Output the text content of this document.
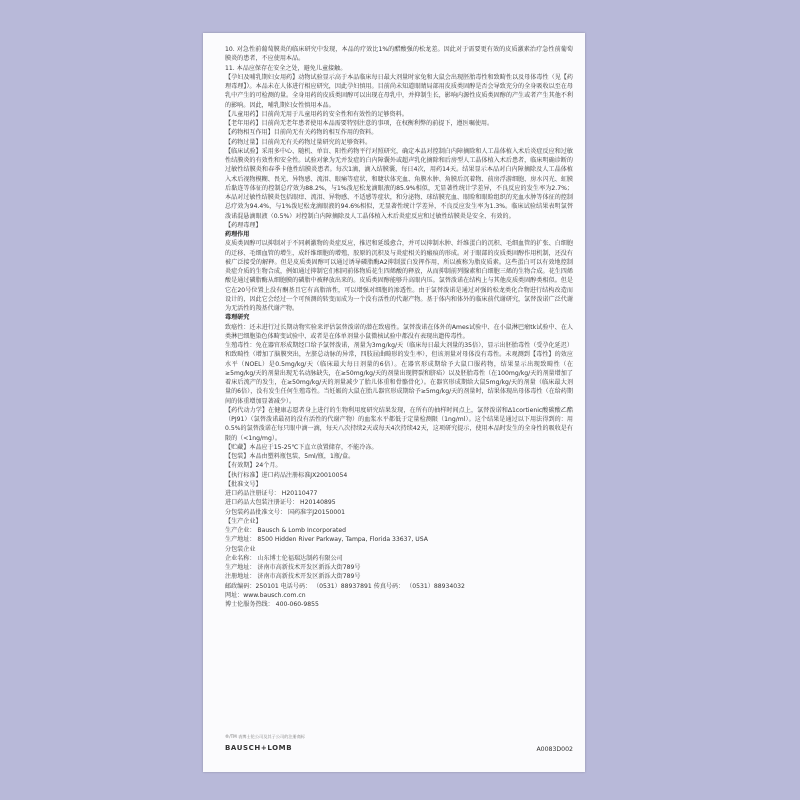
10. 对急性前葡萄膜炎的临床研究中发现，本品的疗效比1%的醋酸强的松龙差。因此对于需要更有效的皮质激素治疗急性前葡萄膜炎的患者，不应使用本品。
11. 本品应保存在安全之处，避免儿童接触。
【孕妇及哺乳期妇女用药】动物试验显示高于本品临床每日最大剂量时家兔和大鼠会出现胚胎毒性和致畸性以及母体毒性（见【药理毒理】）。本品未在人体进行相应研究，因此孕妇慎用。目前尚未知道眼睛局部用皮质类固醇是否会导致充分的全身吸收以至在母乳中产生的可检测的量。全身用药的皮质类固醇可以出现在母乳中，并抑制生长，影响内源性皮质类固醇的产生或者产生其他不利的影响。因此，哺乳期妇女性慎用本品。
【儿童用药】目前尚无用于儿童用药的安全性和有效性的足够资料。
【老年用药】目前尚无老年患者使用本品需要特别注意的事项，在权衡利弊的前提下，遵医嘱使用。
【药物相互作用】目前尚无有关药物的相互作用的资料。
【药物过量】目前尚无有关药物过量研究的足够资料。
【临床试验】采用多中心、随机、单盲、阳性药物平行对照研究，确定本品对控制白内障摘除和人工晶体植入术后炎症反应和过敏性结膜炎的有效性和安全性。试验对象为无并发症的白内障囊外或超声乳化摘除和后房型人工晶体植入术后患者，临床明确诊断的过敏性结膜炎和春季卡他性结膜炎患者。每次1滴，滴入结膜囊，每日4次，用药14天。结果显示本品对白内障摘除及人工晶体植入术后视物模糊、畏光、异物感、流泪、眼痛等症状，和睫状体充血、角膜水肿、角膜后沉着物、前房浮游细胞、房水闪光、虹膜后黏连等体征的控制总疗效为88.2%，与1%泼尼松龙滴眼液的85.9%相似，无显著性统计学差异，不良反应的发生率为2.7%；本品对过敏性结膜炎包括眼痒、流泪、异物感、不适感等症状，和分泌物、球结膜充血、眼睑和眼睑组织的充血水肿等体征的控制总疗效为94.4%，与1%泼尼松龙滴眼液的94.6%相似，无显著性统计学差异，不良反应发生率为1.3%。临床试验结果表明氯替泼诺混悬滴眼液（0.5%）对控制白内障摘除及人工晶体植入术后炎症反应和过敏性结膜炎是安全、有效的。
【药理毒理】
药理作用
皮质类固醇可以抑制对于不同刺激物的炎症反应，推迟和延缓愈合，并可以抑制水肿、纤维蛋白的沉积、毛细血管的扩张、白细胞的迁移、毛细血管的增生，成纤维细胞的增殖，胶原的沉积及与炎症相关的瘢痕的形成。对于眼部的皮质类固醇作用机制，还没有被广泛接受的解释。但是皮质类固醇可以通过诱导磷脂酶A2抑制蛋白发挥作用，所以被称为脂皮质素。这些蛋白可以有效地控制炎症介质的生物合成，例如通过抑制它们相同前体物质花生四烯酸的释放，从而抑制前列腺素和白细胞三烯的生物合成。花生四烯酸是通过磷脂酶从细胞膜的磷脂中被释放出来的。皮质类固醇能够升高眼内压。氯替泼诺在结构上与其他皮质类固醇类相似。但是它在20号位置上没有酮基且它有高脂溶性，可以增强对细胞的渗透性。由于氯替泼诺是通过对强的松龙类化合物进行结构改造而设计的，因此它会经过一个可预测的转变而成为一个没有活性的代谢产物。基于体内和体外的临床前代谢研究，氯替泼诺广泛代谢为无活性的羧基代谢产物。
毒理研究
致癌性：还未进行过长期动物实验来评估氯替泼诺的潜在致癌性。氯替泼诺在体外的Ames试验中、在小鼠淋巴瘤tk试验中、在人类淋巴细胞染色体畸变试验中、或者是在体单剂量小鼠微核试验中都没有表现出遗传毒性。
生殖毒性：免在器官形成期经口给予氯替泼诺，剂量为3mg/kg/天（临床每日最大剂量的35倍），显示出胚胎毒性（受孕化延迟）和致畸性（增加了脑膜突出，左脐总动脉的异常，四肢屈曲畸形的发生率），但该剂量对母体没有毒性。未观测到【毒性】的效应水平（NOEL）是0.5mg/kg/天（临床最大每日剂量的6倍）。在器官形成期给予大鼠口服药物，结果显示出现致畸性（在≥5mg/kg/天的剂量出现无名动脉缺失，在≥50mg/kg/天的剂量出现腭裂和脐疝）以及胚胎毒性（在100mg/kg/天的剂量增加了着床后流产的发生，在≥50mg/kg/天的剂量减少了胎儿体重和骨骼骨化）。在器官形成期给大鼠5mg/kg/天的剂量（临床最大剂量的6倍），没有发生任何生殖毒性。当妊娠的大鼠在胎儿器官形成期给予≥5mg/kg/天的剂量时，结果体现出母体毒性（在给药期间的体重增加显著减少）。
【药代动力学】在健康志愿者身上进行的生物利用度研究结果发现，在所有的抽样时间点上，氯替泼诺和Δ1cortienic酸碳酸乙酯（PJ91）（氯替泼诺最初的没有活性的代谢产物）的血浆水平都低于定量检测限（1ng/ml）。这个结果是通过以下用法得到的：用0.5%的氯替泼诺在每只眼中滴一滴，每天八次持续2天或每天4次持续42天，这项研究提示，使用本品时发生的全身性的吸收是有限的（<1ng/mg）。
【贮藏】本品应于15-25℃下直立放置储存，不能冷冻。
【包装】本品由塑料瓶包装，5ml/瓶，1瓶/盒。
【有效期】24个月。
【执行标准】进口药品注册标准JX20010054
【批准文号】
进口药品注册证号： H20110477
进口药品大包装注册证号： H20140895
分包装药品批准文号： 国药准字J20150001
【生产企业】
生产企业： Bausch & Lomb Incorporated
生产地址： 8500 Hidden River Parkway, Tampa, Florida 33637, USA
分包装企业
企业名称： 山东博士伦福瑞达制药有限公司
生产地址： 济南市高新技术开发区新泺大街789号
注册地址： 济南市高新技术开发区新泺大街789号
邮政编码：250101 电话号码： （0531）88937891 传真号码： （0531）88934032
网址：www.bausch.com.cn
博士伦服务热线： 400-060-9855
®/TM 表博士伦公司及其子公司的注册商标
BAUSCH+LOMB	A0083D002
